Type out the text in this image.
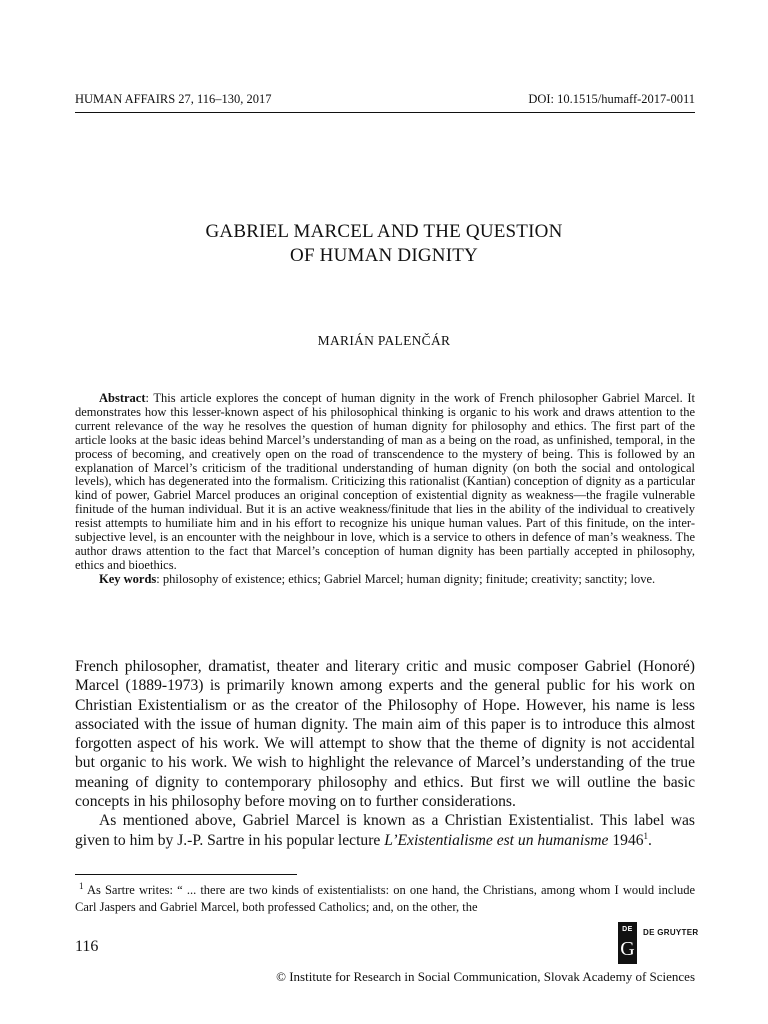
HUMAN AFFAIRS 27, 116–130, 2017	DOI: 10.1515/humaff-2017-0011
GABRIEL MARCEL AND THE QUESTION
OF HUMAN DIGNITY
MARIÁN PALENČÁR

Abstract: This article explores the concept of human dignity in the work of French philosopher Gabriel Marcel. It demonstrates how this lesser-known aspect of his philosophical thinking is organic to his work and draws attention to the current relevance of the way he resolves the question of human dignity for philosophy and ethics. The first part of the article looks at the basic ideas behind Marcel’s understanding of man as a being on the road, as unfinished, temporal, in the process of becoming, and creatively open on the road of transcendence to the mystery of being. This is followed by an explanation of Marcel’s criticism of the traditional understanding of human dignity (on both the social and ontological levels), which has degenerated into the formalism. Criticizing this rationalist (Kantian) conception of dignity as a particular kind of power, Gabriel Marcel produces an original conception of existential dignity as weakness—the fragile vulnerable finitude of the human individual. But it is an active weakness/finitude that lies in the ability of the individual to creatively resist attempts to humiliate him and in his effort to recognize his unique human values. Part of this finitude, on the inter-subjective level, is an encounter with the neighbour in love, which is a service to others in defence of man’s weakness. The author draws attention to the fact that Marcel’s conception of human dignity has been partially accepted in philosophy, ethics and bioethics.

Key words: philosophy of existence; ethics; Gabriel Marcel; human dignity; finitude; creativity; sanctity; love.

French philosopher, dramatist, theater and literary critic and music composer Gabriel (Honoré) Marcel (1889-1973) is primarily known among experts and the general public for his work on Christian Existentialism or as the creator of the Philosophy of Hope. However, his name is less associated with the issue of human dignity. The main aim of this paper is to introduce this almost forgotten aspect of his work. We will attempt to show that the theme of dignity is not accidental but organic to his work. We wish to highlight the relevance of Marcel’s understanding of the true meaning of dignity to contemporary philosophy and ethics. But first we will outline the basic concepts in his philosophy before moving on to further considerations.

As mentioned above, Gabriel Marcel is known as a Christian Existentialist. This label was given to him by J.-P. Sartre in his popular lecture L’Existentialisme est un humanisme 1946$^1$.

$^1$ As Sartre writes: “ ... there are two kinds of existentialists: on one hand, the Christians, among whom I would include Carl Jaspers and Gabriel Marcel, both professed Catholics; and, on the other, the

116
DE
G
DE GRUYTER
© Institute for Research in Social Communication, Slovak Academy of Sciences
